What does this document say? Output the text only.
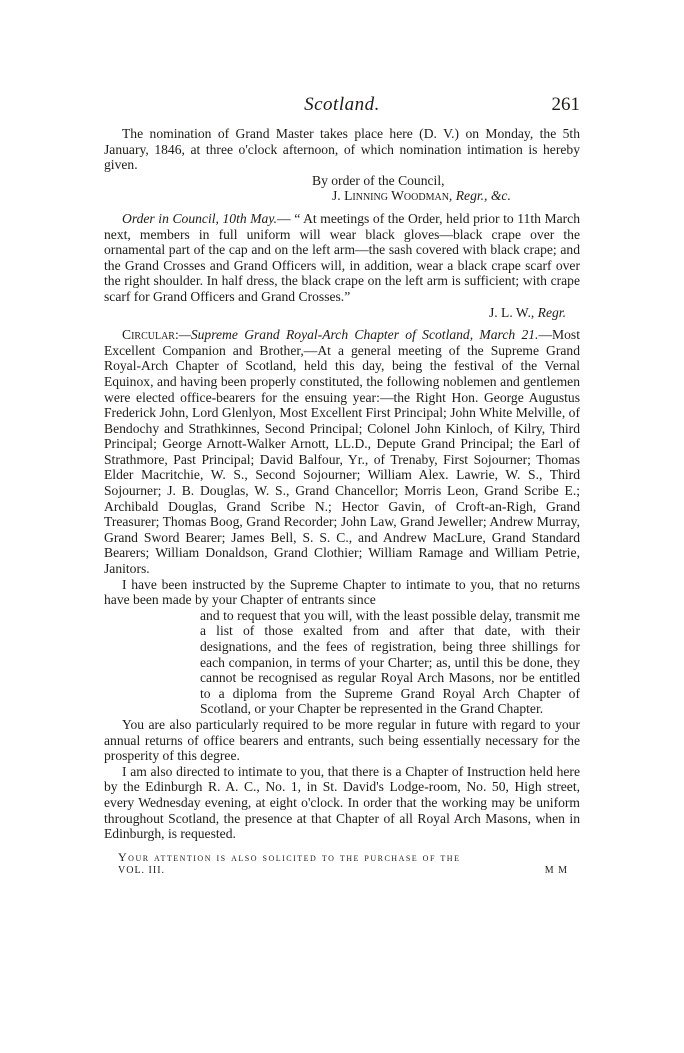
Scotland.	261

The nomination of Grand Master takes place here (D. V.) on Monday, the 5th January, 1846, at three o'clock afternoon, of which nomination intimation is hereby given.

By order of the Council,
J. Linning Woodman, Regr., &c.

Order in Council, 10th May.— “ At meetings of the Order, held prior to 11th March next, members in full uniform will wear black gloves—black crape over the ornamental part of the cap and on the left arm—the sash covered with black crape; and the Grand Crosses and Grand Officers will, in addition, wear a black crape scarf over the right shoulder. In half dress, the black crape on the left arm is sufficient; with crape scarf for Grand Officers and Grand Crosses.”

J. L. W., Regr.

Circular:—Supreme Grand Royal-Arch Chapter of Scotland, March 21.—Most Excellent Companion and Brother,—At a general meeting of the Supreme Grand Royal-Arch Chapter of Scotland, held this day, being the festival of the Vernal Equinox, and having been properly constituted, the following noblemen and gentlemen were elected office-bearers for the ensuing year:—the Right Hon. George Augustus Frederick John, Lord Glenlyon, Most Excellent First Principal; John White Melville, of Bendochy and Strathkinnes, Second Principal; Colonel John Kinloch, of Kilry, Third Principal; George Arnott-Walker Arnott, LL.D., Depute Grand Principal; the Earl of Strathmore, Past Principal; David Balfour, Yr., of Trenaby, First Sojourner; Thomas Elder Macritchie, W. S., Second Sojourner; William Alex. Lawrie, W. S., Third Sojourner; J. B. Douglas, W. S., Grand Chancellor; Morris Leon, Grand Scribe E.; Archibald Douglas, Grand Scribe N.; Hector Gavin, of Croft-an-Righ, Grand Treasurer; Thomas Boog, Grand Recorder; John Law, Grand Jeweller; Andrew Murray, Grand Sword Bearer; James Bell, S. S. C., and Andrew MacLure, Grand Standard Bearers; William Donaldson, Grand Clothier; William Ramage and William Petrie, Janitors.

I have been instructed by the Supreme Chapter to intimate to you, that no returns have been made by your Chapter of entrants since
and to request that you will, with the least possible delay, transmit me a list of those exalted from and after that date, with their designations, and the fees of registration, being three shillings for each companion, in terms of your Charter; as, until this be done, they cannot be recognised as regular Royal Arch Masons, nor be entitled to a diploma from the Supreme Grand Royal Arch Chapter of Scotland, or your Chapter be represented in the Grand Chapter.

You are also particularly required to be more regular in future with regard to your annual returns of office bearers and entrants, such being essentially necessary for the prosperity of this degree.

I am also directed to intimate to you, that there is a Chapter of Instruction held here by the Edinburgh R. A. C., No. 1, in St. David's Lodge-room, No. 50, High street, every Wednesday evening, at eight o'clock. In order that the working may be uniform throughout Scotland, the presence at that Chapter of all Royal Arch Masons, when in Edinburgh, is requested.

Your attention is also solicited to the purchase of the
VOL. III.	M M
